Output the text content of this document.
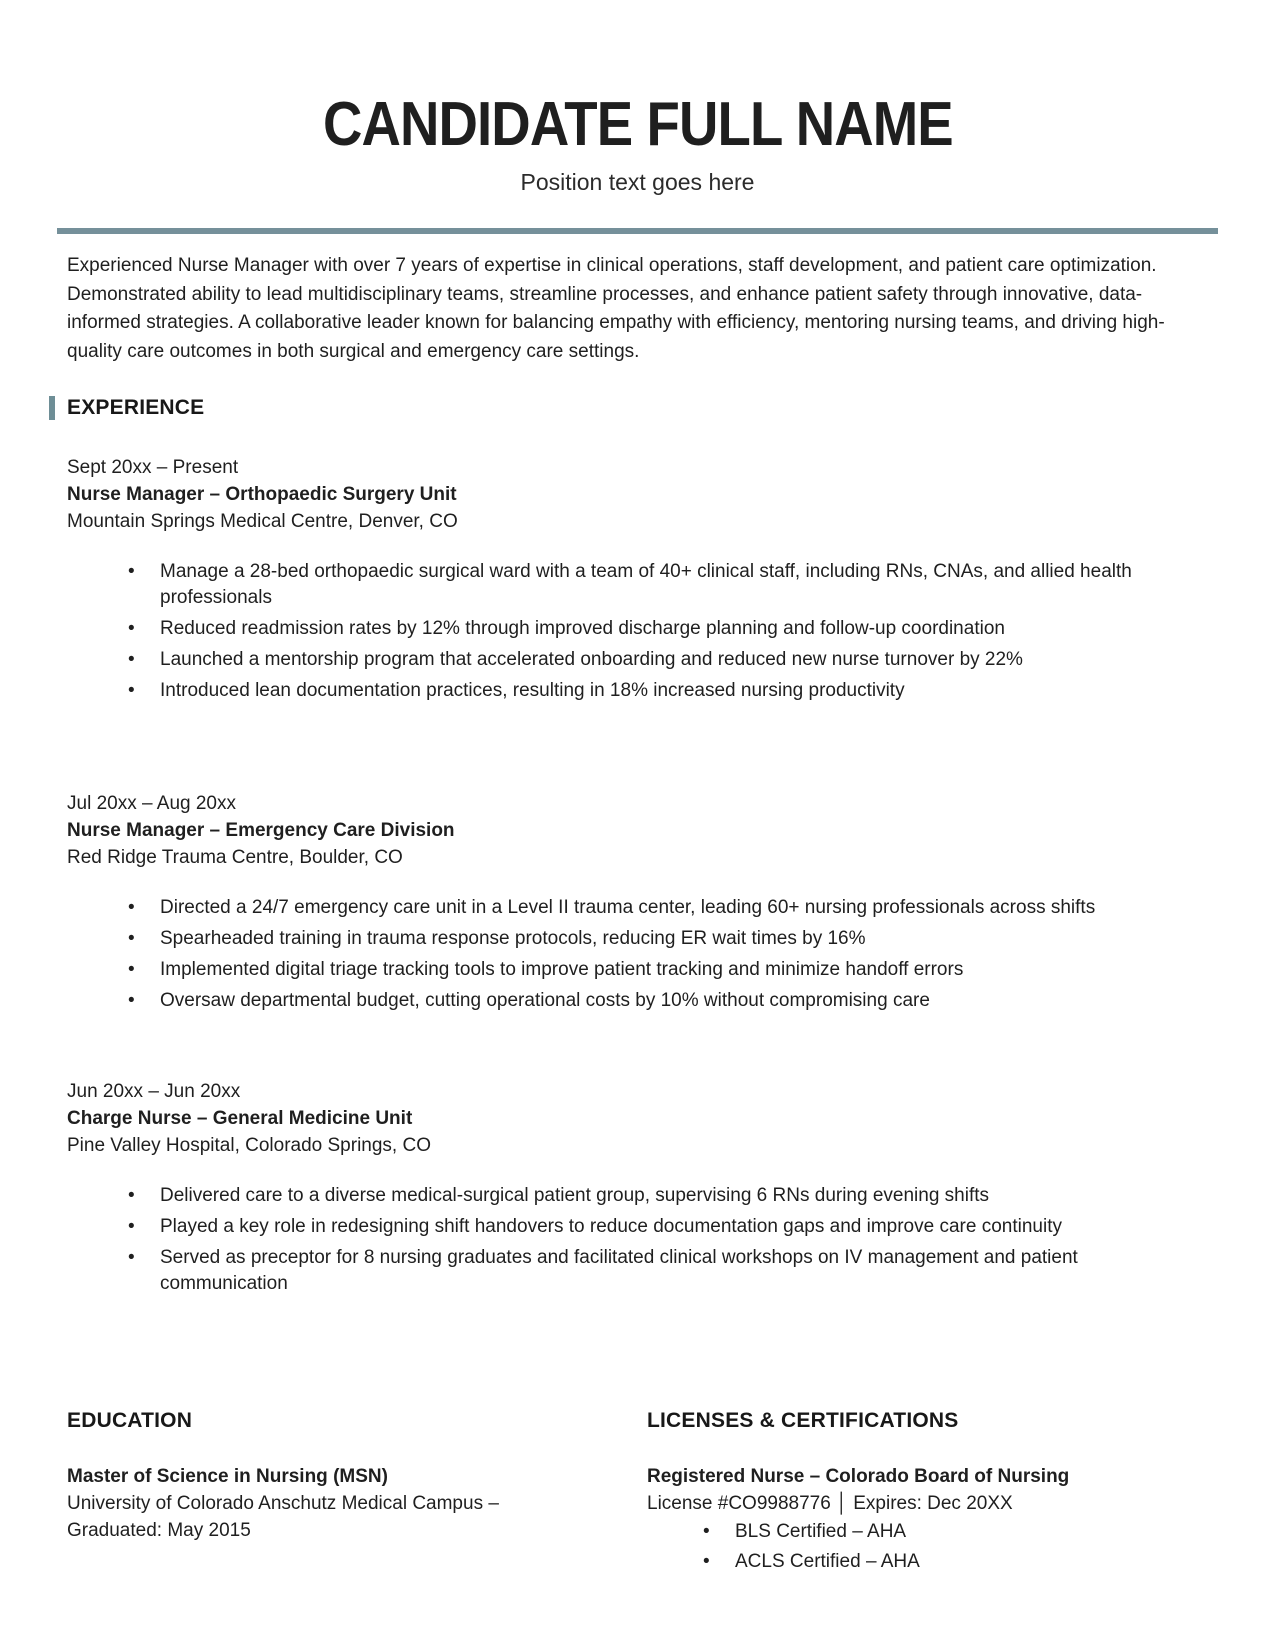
CANDIDATE FULL NAME
Position text goes here

Experienced Nurse Manager with over 7 years of expertise in clinical operations, staff development, and patient care optimization. Demonstrated ability to lead multidisciplinary teams, streamline processes, and enhance patient safety through innovative, data-informed strategies. A collaborative leader known for balancing empathy with efficiency, mentoring nursing teams, and driving high-quality care outcomes in both surgical and emergency care settings.

EXPERIENCE
Sept 20xx – Present
Nurse Manager – Orthopaedic Surgery Unit
Mountain Springs Medical Centre, Denver, CO
• Manage a 28-bed orthopaedic surgical ward with a team of 40+ clinical staff, including RNs, CNAs, and allied health professionals
• Reduced readmission rates by 12% through improved discharge planning and follow-up coordination
• Launched a mentorship program that accelerated onboarding and reduced new nurse turnover by 22%
• Introduced lean documentation practices, resulting in 18% increased nursing productivity
Jul 20xx – Aug 20xx
Nurse Manager – Emergency Care Division
Red Ridge Trauma Centre, Boulder, CO
• Directed a 24/7 emergency care unit in a Level II trauma center, leading 60+ nursing professionals across shifts
• Spearheaded training in trauma response protocols, reducing ER wait times by 16%
• Implemented digital triage tracking tools to improve patient tracking and minimize handoff errors
• Oversaw departmental budget, cutting operational costs by 10% without compromising care
Jun 20xx – Jun 20xx
Charge Nurse – General Medicine Unit
Pine Valley Hospital, Colorado Springs, CO
• Delivered care to a diverse medical-surgical patient group, supervising 6 RNs during evening shifts
• Played a key role in redesigning shift handovers to reduce documentation gaps and improve care continuity
• Served as preceptor for 8 nursing graduates and facilitated clinical workshops on IV management and patient communication
EDUCATION
Master of Science in Nursing (MSN)
University of Colorado Anschutz Medical Campus –
Graduated: May 2015
LICENSES & CERTIFICATIONS
Registered Nurse – Colorado Board of Nursing
License #CO9988776 │ Expires: Dec 20XX
• BLS Certified – AHA
• ACLS Certified – AHA
